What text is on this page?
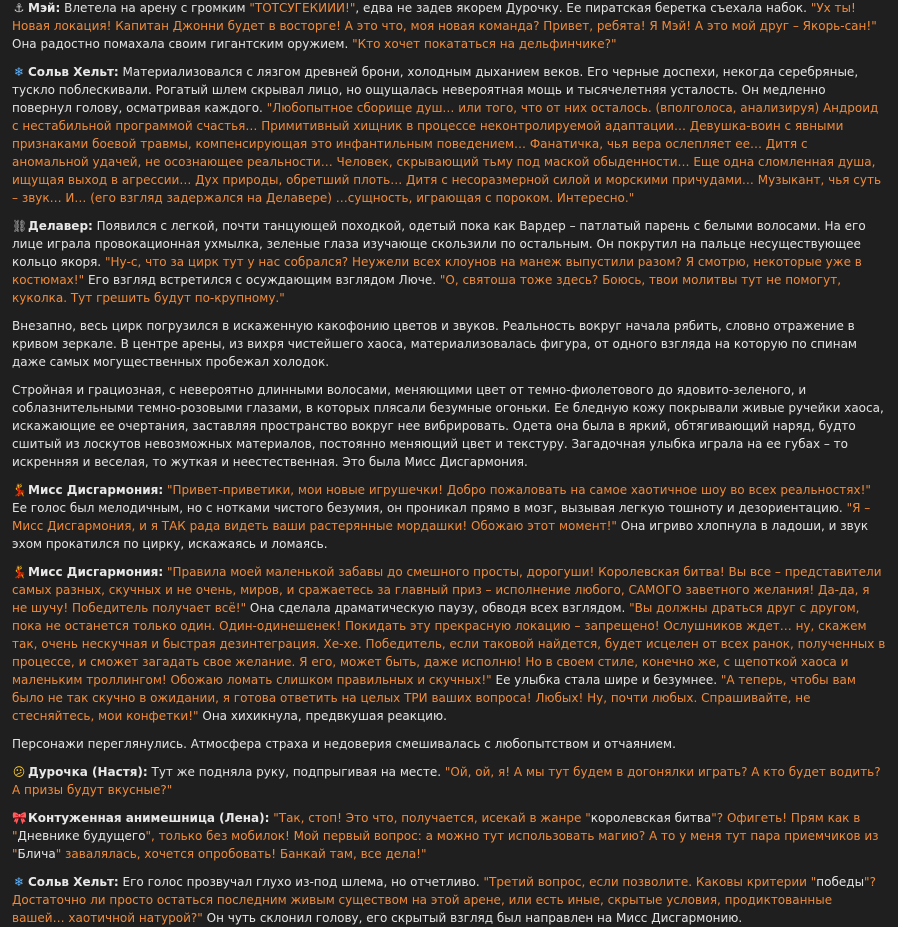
⚓ Мэй: Влетела на арену с громким "ТОТСУГЕКИИИ!", едва не задев якорем Дурочку. Ее пиратская беретка съехала набок. "Ух ты! Новая локация! Капитан Джонни будет в восторге! А это что, моя новая команда? Привет, ребята! Я Мэй! А это мой друг – Якорь-сан!" Она радостно помахала своим гигантским оружием. "Кто хочет покататься на дельфинчике?"

❄ Сольв Хельт: Материализовался с лязгом древней брони, холодным дыханием веков. Его черные доспехи, некогда серебряные, тускло поблескивали. Рогатый шлем скрывал лицо, но ощущалась невероятная мощь и тысячелетняя усталость. Он медленно повернул голову, осматривая каждого. "Любопытное сборище душ… или того, что от них осталось. (вполголоса, анализируя) Андроид с нестабильной программой счастья… Примитивный хищник в процессе неконтролируемой адаптации… Девушка-воин с явными признаками боевой травмы, компенсирующая это инфантильным поведением… Фанатичка, чья вера ослепляет ее… Дитя с аномальной удачей, не осознающее реальности… Человек, скрывающий тьму под маской обыденности… Еще одна сломленная душа, ищущая выход в агрессии… Дух природы, обретший плоть… Дитя с несоразмерной силой и морскими причудами… Музыкант, чья суть – звук… И… (его взгляд задержался на Делавере) …сущность, играющая с пороком. Интересно."

⛓Делавер: Появился с легкой, почти танцующей походкой, одетый пока как Вардер – патлатый парень с белыми волосами. На его лице играла провокационная ухмылка, зеленые глаза изучающе скользили по остальным. Он покрутил на пальце несуществующее кольцо якоря. "Ну-с, что за цирк тут у нас собрался? Неужели всех клоунов на манеж выпустили разом? Я смотрю, некоторые уже в костюмах!" Его взгляд встретился с осуждающим взглядом Люче. "О, святоша тоже здесь? Боюсь, твои молитвы тут не помогут, куколка. Тут грешить будут по-крупному."

Внезапно, весь цирк погрузился в искаженную какофонию цветов и звуков. Реальность вокруг начала рябить, словно отражение в кривом зеркале. В центре арены, из вихря чистейшего хаоса, материализовалась фигура, от одного взгляда на которую по спинам даже самых могущественных пробежал холодок.

Стройная и грациозная, с невероятно длинными волосами, меняющими цвет от темно-фиолетового до ядовито-зеленого, и соблазнительными темно-розовыми глазами, в которых плясали безумные огоньки. Ее бледную кожу покрывали живые ручейки хаоса, искажающие ее очертания, заставляя пространство вокруг нее вибрировать. Одета она была в яркий, обтягивающий наряд, будто сшитый из лоскутов невозможных материалов, постоянно меняющий цвет и текстуру. Загадочная улыбка играла на ее губах – то искренняя и веселая, то жуткая и неестественная. Это была Мисс Дисгармония.

💃Мисс Дисгармония: "Привет-приветики, мои новые игрушечки! Добро пожаловать на самое хаотичное шоу во всех реальностях!" Ее голос был мелодичным, но с нотками чистого безумия, он проникал прямо в мозг, вызывая легкую тошноту и дезориентацию. "Я – Мисс Дисгармония, и я ТАК рада видеть ваши растерянные мордашки! Обожаю этот момент!" Она игриво хлопнула в ладоши, и звук эхом прокатился по цирку, искажаясь и ломаясь.

💃Мисс Дисгармония: "Правила моей маленькой забавы до смешного просты, дорогуши! Королевская битва! Вы все – представители самых разных, скучных и не очень, миров, и сражаетесь за главный приз – исполнение любого, САМОГО заветного желания! Да-да, я не шучу! Победитель получает всё!" Она сделала драматическую паузу, обводя всех взглядом. "Вы должны драться друг с другом, пока не останется только один. Один-одинешенек! Покидать эту прекрасную локацию – запрещено! Ослушников ждет… ну, скажем так, очень нескучная и быстрая дезинтеграция. Хе-хе. Победитель, если таковой найдется, будет исцелен от всех ранок, полученных в процессе, и сможет загадать свое желание. Я его, может быть, даже исполню! Но в своем стиле, конечно же, с щепоткой хаоса и маленьким троллингом! Обожаю ломать слишком правильных и скучных!" Ее улыбка стала шире и безумнее. "А теперь, чтобы вам было не так скучно в ожидании, я готова ответить на целых ТРИ ваших вопроса! Любых! Ну, почти любых. Спрашивайте, не стесняйтесь, мои конфетки!" Она хихикнула, предвкушая реакцию.

Персонажи переглянулись. Атмосфера страха и недоверия смешивалась с любопытством и отчаянием.

😕 Дурочка (Настя): Тут же подняла руку, подпрыгивая на месте. "Ой, ой, я! А мы тут будем в догонялки играть? А кто будет водить? А призы будут вкусные?"

🎀Контуженная анимешница (Лена): "Так, стоп! Это что, получается, исекай в жанре "королевская битва"? Офигеть! Прям как в "Дневнике будущего", только без мобилок! Мой первый вопрос: а можно тут использовать магию? А то у меня тут пара приемчиков из "Блича" завалялась, хочется опробовать! Банкай там, все дела!"

❄ Сольв Хельт: Его голос прозвучал глухо из-под шлема, но отчетливо. "Третий вопрос, если позволите. Каковы критерии "победы"? Достаточно ли просто остаться последним живым существом на этой арене, или есть иные, скрытые условия, продиктованные вашей… хаотичной натурой?" Он чуть склонил голову, его скрытый взгляд был направлен на Мисс Дисгармонию.
